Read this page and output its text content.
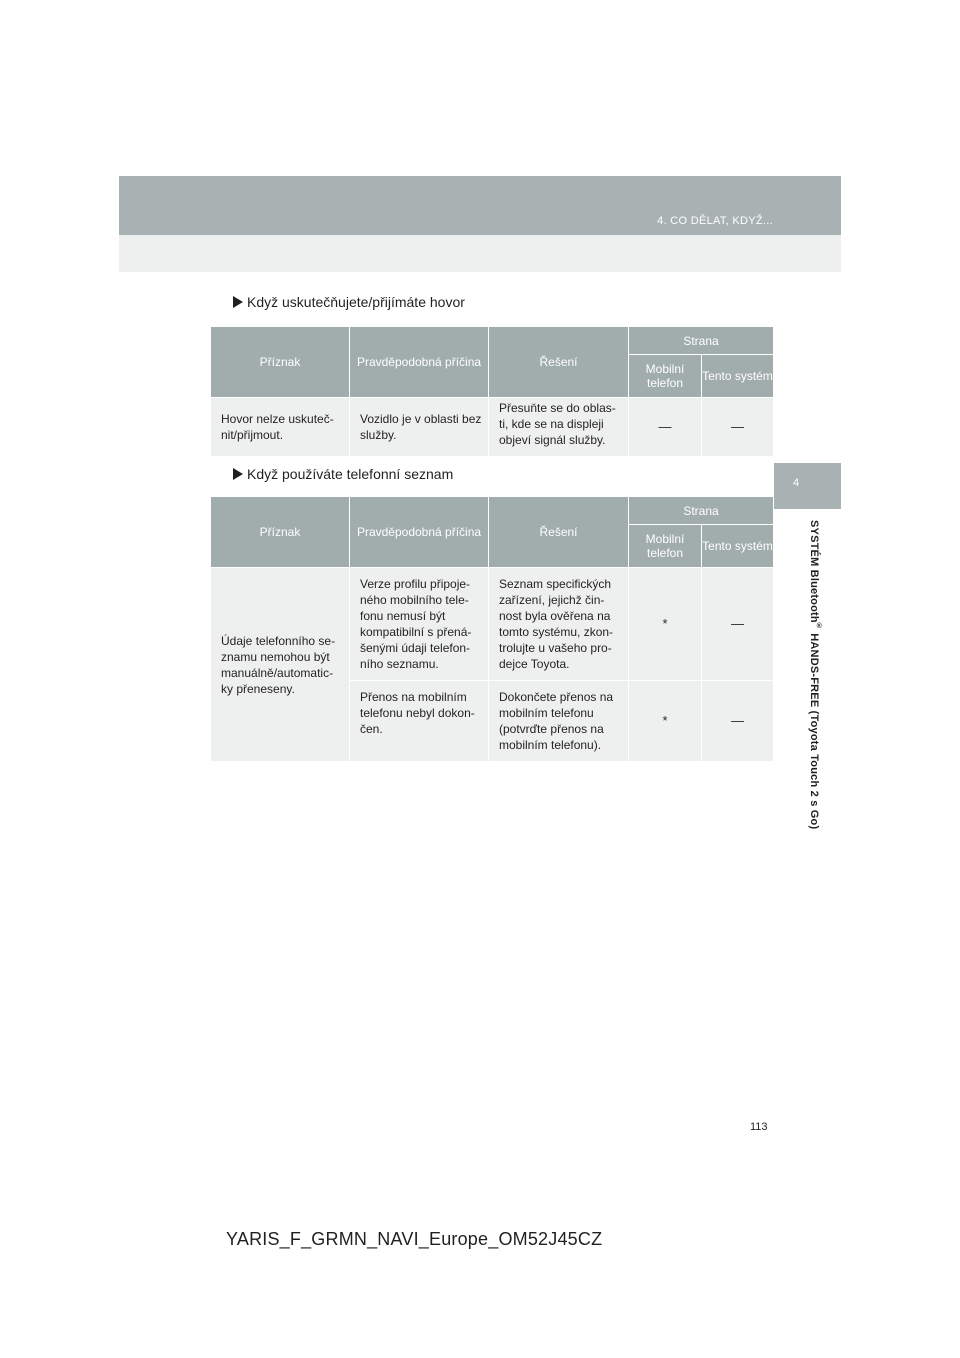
4. CO DĚLAT, KDYŽ...
4
SYSTÉM Bluetooth® HANDS-FREE (Toyota Touch 2 s Go)
Když uskutečňujete/přijímáte hovor
Příznak	Pravděpodobná příčina	Řešení	Strana	
			Mobilní telefon	Tento systém
Hovor nelze uskuteč-nit/přijmout.	Vozidlo je v oblasti bez služby.	Přesuňte se do oblas-ti, kde se na displeji objeví signál služby.	—	—
Když používáte telefonní seznam
Příznak	Pravděpodobná příčina	Řešení	Strana	
			Mobilní telefon	Tento systém
Údaje telefonního se-znamu nemohou být manuálně/automatic-ky přeneseny.	Verze profilu připoje-ného mobilního tele-fonu nemusí být kompatibilní s přená-šenými údaji telefon-ního seznamu.	Seznam specifických zařízení, jejichž čin-nost byla ověřena na tomto systému, zkon-trolujte u vašeho pro-dejce Toyota.	*	—
	Přenos na mobilním telefonu nebyl dokon-čen.	Dokončete přenos na mobilním telefonu (potvrďte přenos na mobilním telefonu).	*	—
113
YARIS_F_GRMN_NAVI_Europe_OM52J45CZ
